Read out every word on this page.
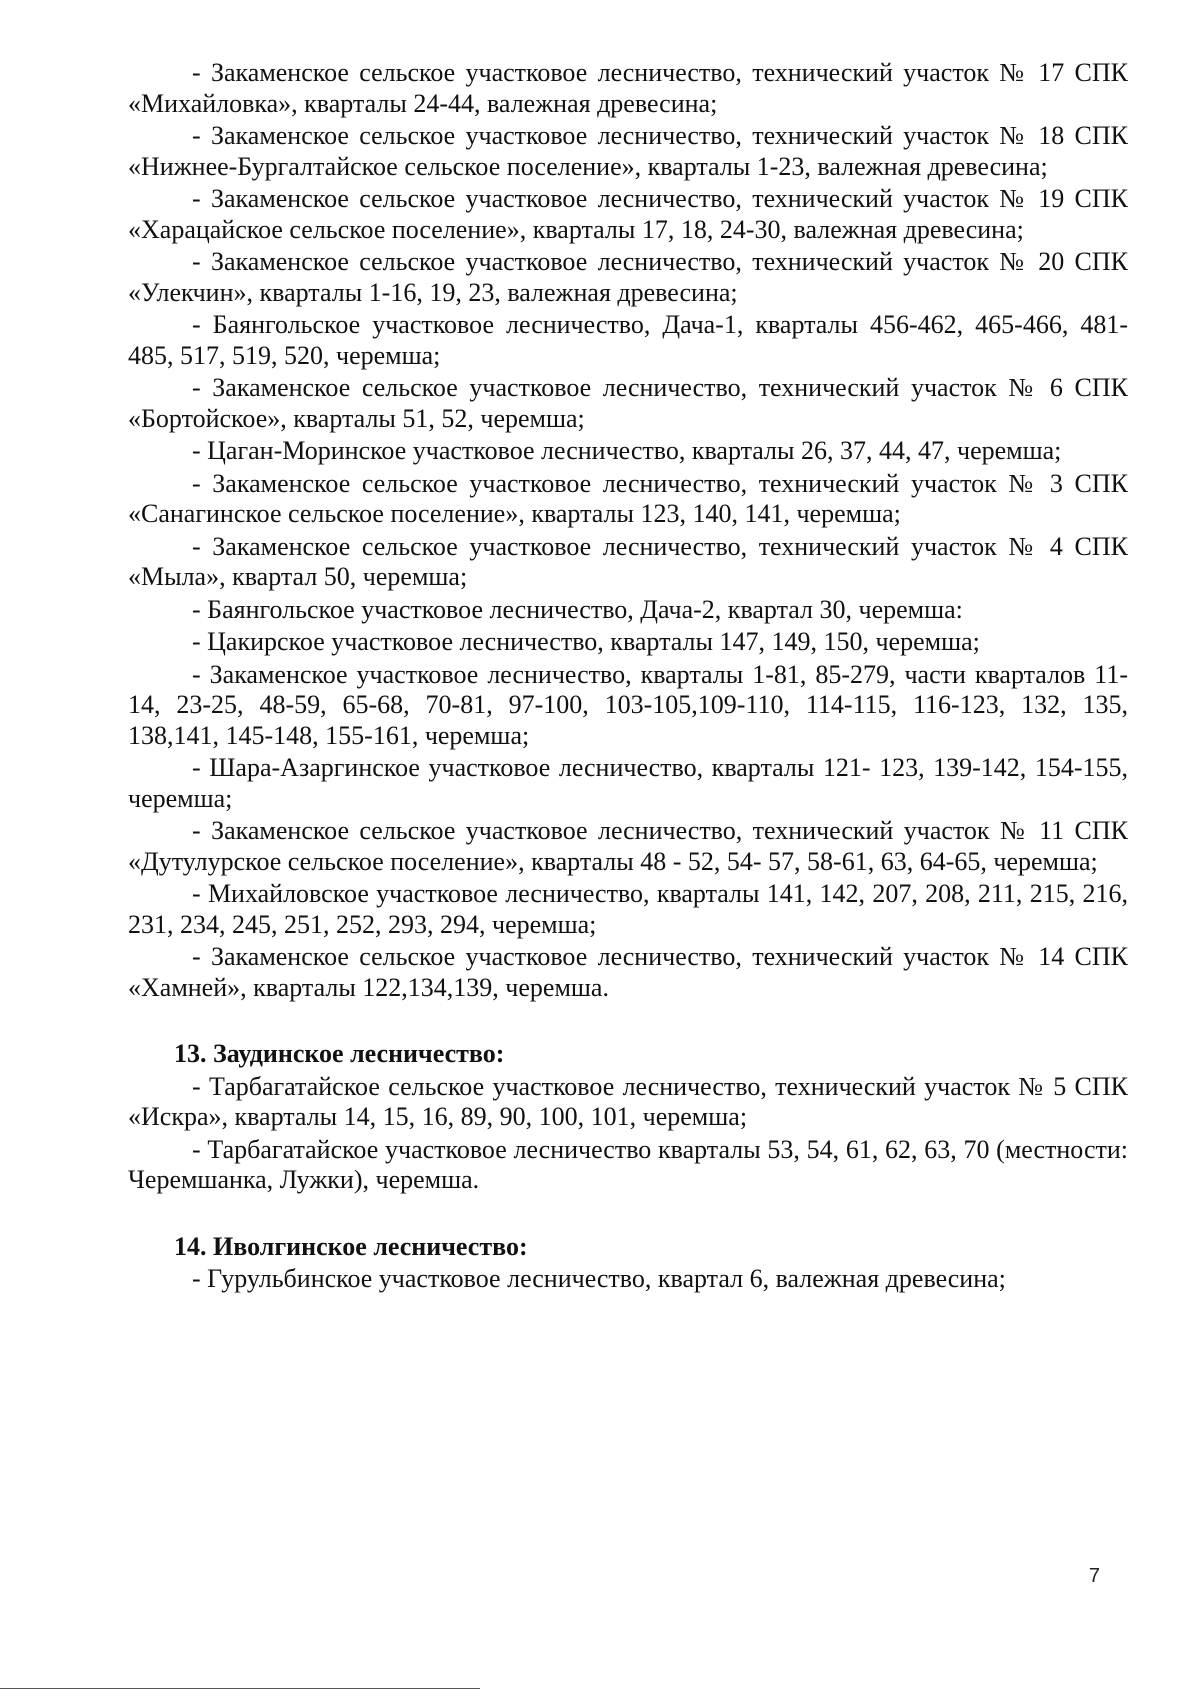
- Закаменское сельское участковое лесничество, технический участок № 17 СПК «Михайловка», кварталы 24-44, валежная древесина;

- Закаменское сельское участковое лесничество, технический участок № 18 СПК «Нижнее-Бургалтайское сельское поселение», кварталы 1-23, валежная древесина;

- Закаменское сельское участковое лесничество, технический участок № 19 СПК «Харацайское сельское поселение», кварталы 17, 18, 24-30, валежная древесина;

- Закаменское сельское участковое лесничество, технический участок № 20 СПК «Улекчин», кварталы 1-16, 19, 23, валежная древесина;

- Баянгольское участковое лесничество, Дача-1, кварталы 456-462, 465-466, 481-485, 517, 519, 520, черемша;

- Закаменское сельское участковое лесничество, технический участок № 6 СПК «Бортойское», кварталы 51, 52, черемша;

- Цаган-Моринское участковое лесничество, кварталы 26, 37, 44, 47, черемша;

- Закаменское сельское участковое лесничество, технический участок № 3 СПК «Санагинское сельское поселение», кварталы 123, 140, 141, черемша;

- Закаменское сельское участковое лесничество, технический участок № 4 СПК «Мыла», квартал 50, черемша;

- Баянгольское участковое лесничество, Дача-2, квартал 30, черемша:

- Цакирское участковое лесничество, кварталы 147, 149, 150, черемша;

- Закаменское участковое лесничество, кварталы 1-81, 85-279, части кварталов 11-14, 23-25, 48-59, 65-68, 70-81, 97-100, 103-105,109-110, 114-115, 116-123, 132, 135, 138,141, 145-148, 155-161, черемша;

- Шара-Азаргинское участковое лесничество, кварталы 121- 123, 139-142, 154-155, черемша;

- Закаменское сельское участковое лесничество, технический участок № 11 СПК «Дутулурское сельское поселение», кварталы 48 - 52, 54- 57, 58-61, 63, 64-65, черемша;

- Михайловское участковое лесничество, кварталы 141, 142, 207, 208, 211, 215, 216, 231, 234, 245, 251, 252, 293, 294, черемша;

- Закаменское сельское участковое лесничество, технический участок № 14 СПК «Хамней», кварталы 122,134,139, черемша.

13. Заудинское лесничество:

- Тарбагатайское сельское участковое лесничество, технический участок № 5 СПК «Искра», кварталы 14, 15, 16, 89, 90, 100, 101, черемша;

- Тарбагатайское участковое лесничество кварталы 53, 54, 61, 62, 63, 70 (местности: Черемшанка, Лужки), черемша.

14. Иволгинское лесничество:

- Гурульбинское участковое лесничество, квартал 6, валежная древесина;

7
